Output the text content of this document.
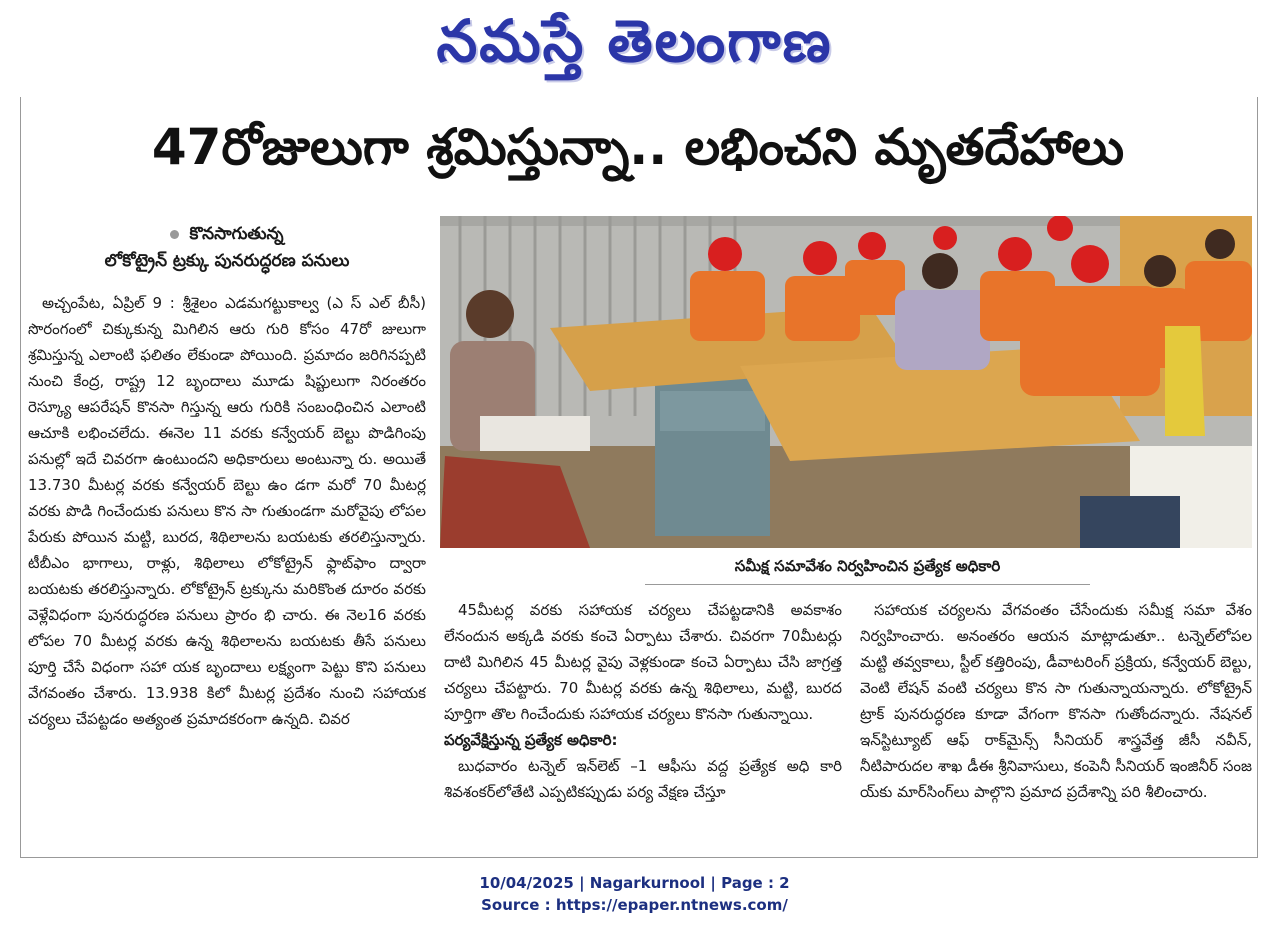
నమస్తే తెలంగాణ
47రోజులుగా శ్రమిస్తున్నా.. లభించని మృతదేహాలు
కొనసాగుతున్న
లోకోట్రైన్ ట్రక్కు పునరుద్ధరణ పనులు

అచ్చంపేట, ఏప్రిల్ 9 : శ్రీశైలం ఎడమగట్టుకాల్వ (ఎ స్ ఎల్ బీసీ) సొరంగంలో చిక్కుకున్న మిగిలిన ఆరు గురి కోసం 47రో జులుగా శ్రమిస్తున్న ఎలాంటి ఫలితం లేకుండా పోయింది. ప్రమాదం జరిగినప్పటి నుంచి కేంద్ర, రాష్ట్ర 12 బృందాలు మూడు షిప్టులుగా నిరంతరం రెస్క్యూ ఆపరేషన్ కొనసా గిస్తున్న ఆరు గురికి సంబంధించిన ఎలాంటి ఆచూకి లభించలేదు. ఈనెల 11 వరకు కన్వేయర్ బెల్టు పొడిగింపు పనుల్లో ఇదే చివరగా ఉంటుందని అధికారులు అంటున్నా రు. అయితే 13.730 మీటర్ల వరకు కన్వేయర్ బెల్టు ఉం డగా మరో 70 మీటర్ల వరకు పొడి గించేందుకు పనులు కొన సా గుతుండగా మరోవైపు లోపల పేరుకు పోయిన మట్టి, బురద, శిథిలాలను బయటకు తరలిస్తున్నారు. టీబీఎం భాగాలు, రాళ్లు, శిథిలాలు లోకోట్రైన్ ఫ్లాట్‌ఫాం ద్వారా బయటకు తరలిస్తున్నారు. లోకోట్రైన్ ట్రక్కును మరికొంత దూరం వరకు వెళ్లేవిధంగా పునరుద్ధరణ పనులు ప్రారం భి చారు. ఈ నెల16 వరకు లోపల 70 మీటర్ల వరకు ఉన్న శిథిలాలను బయటకు తీసే పనులు పూర్తి చేసే విధంగా సహా యక బృందాలు లక్ష్యంగా పెట్టు కొని పనులు వేగవంతం చేశారు. 13.938 కిలో మీటర్ల ప్రదేశం నుంచి సహాయక చర్యలు చేపట్టడం అత్యంత ప్రమాదకరంగా ఉన్నది. చివర

సమీక్ష సమావేశం నిర్వహించిన ప్రత్యేక అధికారి

45మీటర్ల వరకు సహాయక చర్యలు చేపట్టడానికి అవకాశం లేనందున అక్కడి వరకు కంచె ఏర్పాటు చేశారు. చివరగా 70మీటర్లు దాటి మిగిలిన 45 మీటర్ల వైపు వెళ్లకుండా కంచె ఏర్పాటు చేసి జాగ్రత్త చర్యలు చేపట్టారు. 70 మీటర్ల వరకు ఉన్న శిథిలాలు, మట్టి, బురద పూర్తిగా తొల గించేందుకు సహాయక చర్యలు కొనసా గుతున్నాయి.

పర్యవేక్షిస్తున్న ప్రత్యేక అధికారి:

బుధవారం టన్నెల్ ఇన్‌లెట్ –1 ఆఫీసు వద్ద ప్రత్యేక అధి కారి శివశంకర్‌లోతేటి ఎప్పటికప్పుడు పర్య వేక్షణ చేస్తూ

సహాయక చర్యలను వేగవంతం చేసేందుకు సమీక్ష సమా వేశం నిర్వహించారు. అనంతరం ఆయన మాట్లాడుతూ.. టన్నెల్‌లోపల మట్టి తవ్వకాలు, స్టీల్ కత్తిరింపు, డీవాటరింగ్ ప్రక్రియ, కన్వేయర్ బెల్టు, వెంటి లేషన్ వంటి చర్యలు కొన సా గుతున్నాయన్నారు. లోకోట్రైన్ ట్రాక్ పునరుద్ధరణ కూడా వేగంగా కొనసా గుతోందన్నారు. నేషనల్ ఇన్‌స్టిట్యూట్ ఆఫ్ రాక్‌మైన్స్ సీనియర్ శాస్త్రవేత్త జీసీ నవీన్, నీటిపారుదల శాఖ డీఈ శ్రీనివాసులు, కంపెనీ సీనియర్ ఇంజినీర్ సంజ య్‌కు మార్‌సింగ్‌లు పాల్గొని ప్రమాద ప్రదేశాన్ని పరి శీలించారు.

10/04/2025 | Nagarkurnool | Page : 2
Source : https://epaper.ntnews.com/
